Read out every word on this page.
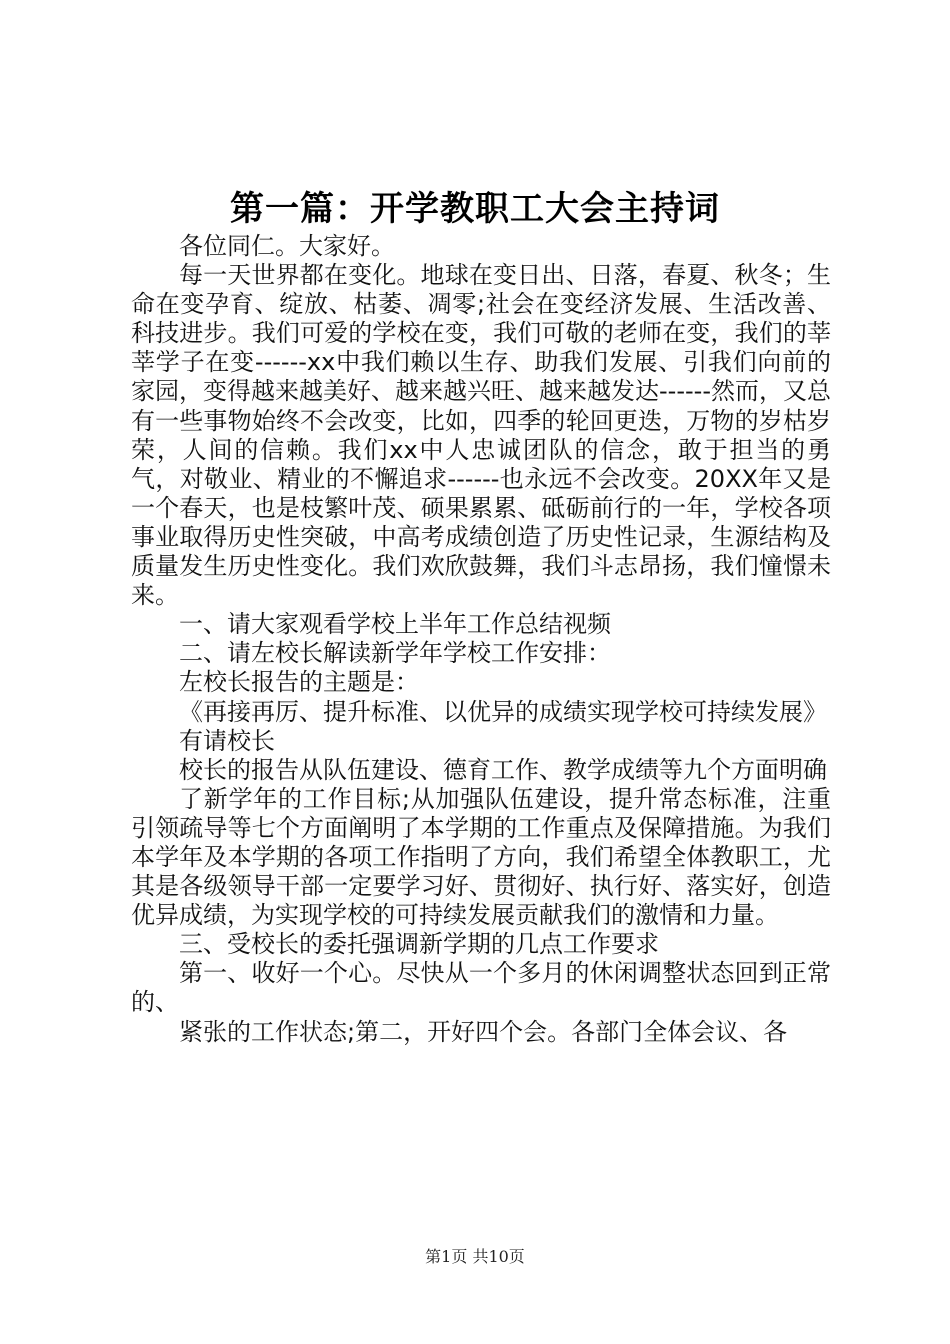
第一篇：开学教职工大会主持词

各位同仁。大家好。

每一天世界都在变化。地球在变日出、日落，春夏、秋冬；生命在变孕育、绽放、枯萎、凋零;社会在变经济发展、生活改善、科技进步。我们可爱的学校在变，我们可敬的老师在变，我们的莘莘学子在变------xx中我们赖以生存、助我们发展、引我们向前的家园，变得越来越美好、越来越兴旺、越来越发达------然而，又总有一些事物始终不会改变，比如，四季的轮回更迭，万物的岁枯岁荣，人间的信赖。我们xx中人忠诚团队的信念，敢于担当的勇气，对敬业、精业的不懈追求------也永远不会改变。20XX年又是一个春天，也是枝繁叶茂、硕果累累、砥砺前行的一年，学校各项事业取得历史性突破，中高考成绩创造了历史性记录，生源结构及质量发生历史性变化。我们欢欣鼓舞，我们斗志昂扬，我们憧憬未来。

一、请大家观看学校上半年工作总结视频

二、请左校长解读新学年学校工作安排：

左校长报告的主题是：

《再接再厉、提升标准、以优异的成绩实现学校可持续发展》

有请校长

校长的报告从队伍建设、德育工作、教学成绩等九个方面明确

了新学年的工作目标;从加强队伍建设，提升常态标准，注重引领疏导等七个方面阐明了本学期的工作重点及保障措施。为我们本学年及本学期的各项工作指明了方向，我们希望全体教职工，尤其是各级领导干部一定要学习好、贯彻好、执行好、落实好，创造优异成绩，为实现学校的可持续发展贡献我们的激情和力量。

三、受校长的委托强调新学期的几点工作要求

第一、收好一个心。尽快从一个多月的休闲调整状态回到正常的、

紧张的工作状态;第二，开好四个会。各部门全体会议、各

第1页 共10页
